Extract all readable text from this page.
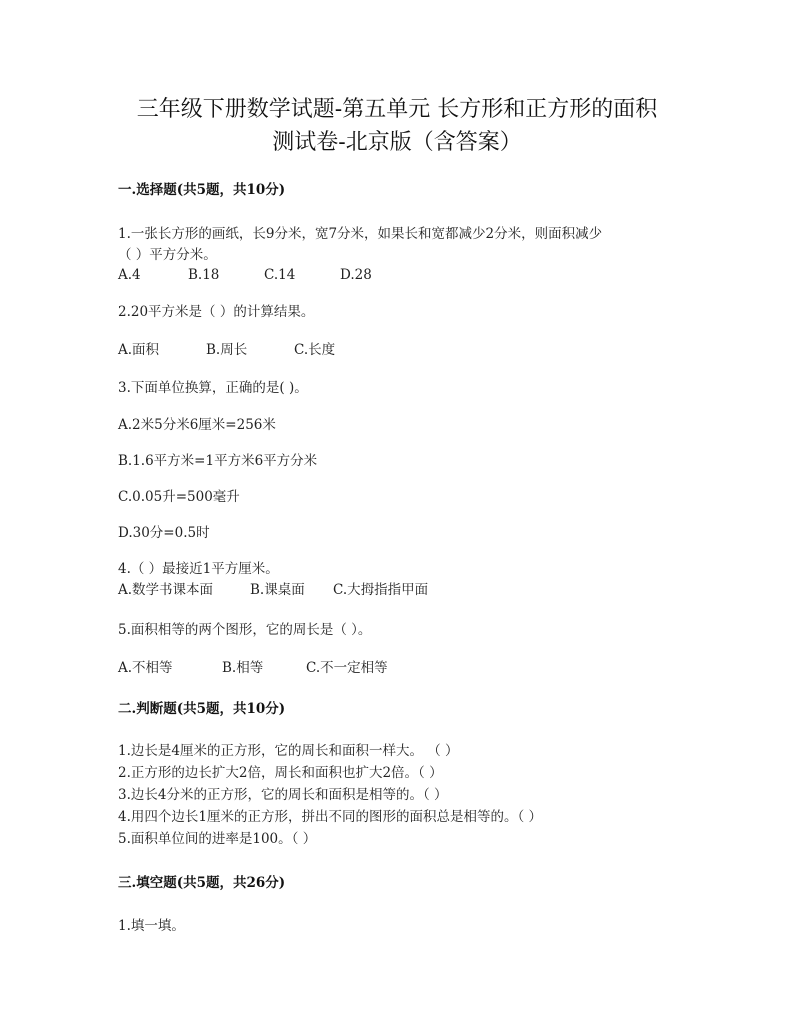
三年级下册数学试题-第五单元 长方形和正方形的面积
测试卷-北京版（含答案）
一.选择题(共5题，共10分)
1.一张长方形的画纸，长9分米，宽7分米，如果长和宽都减少2分米，则面积减少
（ ）平方分米。
A.4	B.18	C.14	D.28
2.20平方米是（ ）的计算结果。
A.面积	B.周长	C.长度
3.下面单位换算，正确的是( )。
A.2米5分米6厘米=256米
B.1.6平方米=1平方米6平方分米
C.0.05升=500毫升
D.30分=0.5时
4.（ ）最接近1平方厘米。
A.数学书课本面	B.课桌面 C.大拇指指甲面
5.面积相等的两个图形，它的周长是（ ）。
A.不相等	B.相等	C.不一定相等
二.判断题(共5题，共10分)
1.边长是4厘米的正方形，它的周长和面积一样大。 （ ）
2.正方形的边长扩大2倍，周长和面积也扩大2倍。（ ）
3.边长4分米的正方形，它的周长和面积是相等的。（ ）
4.用四个边长1厘米的正方形，拼出不同的图形的面积总是相等的。（ ）
5.面积单位间的进率是100。（ ）
三.填空题(共5题，共26分)
1.填一填。
